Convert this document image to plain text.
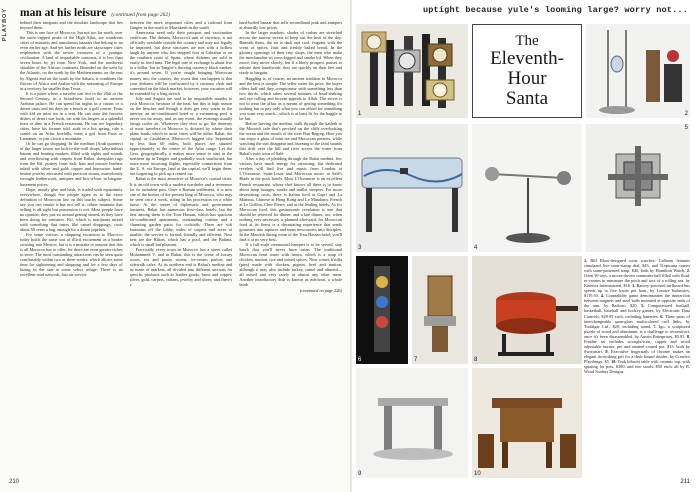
PLAYBOY	man at his leisure (continued from page 262)

behind their ramparts and the desolate landscape that lies beyond them.

This is one face of Morocco; but not too far north, over the snow-capped peaks of the High Atlas, are wondrous cities of minarets and tumultuous bazaars that belong to an even earlier age. And yet farther north are skyscraper cities resplendent with the newer treasures of a younger civilization. A land of improbable contrasts, it is less than seven hours by jet from New York, and the northwest shoulder of the African continent. Bounded on the west by the Atlantic, on the north by the Mediterranean, on the east by Algeria and on the south by the Sahara, it combines the flavors of Africa and Arabia with the seasoning of Europe in a territory far smaller than Texas.

It is a place where a traveler can live in the 20th or the Second Century, in a brand-new hotel or an ancient Arabian palace. He can spend his nights in a casino or a desert oasis and his days on a beach or a golf course. Feast with kid on mint tea in a tent. He can taste the favorite dishes of desert war lords, eat with his fingers at a splendid feast or dine in a French restaurant. He can see legendary cities, have his fortune told, soak in a hot spring, ride a camel on an Atlas foothills, meet a girl from Paris or Lausanne, or just clown a mountain.

Or he can go shopping. In the medinas (Arab quarters) of the larger towns are bolt-to-the-wall shops, labyrinthian bazaar and leaning markets filled with sights and sounds and overflowing with carpets from Rabat, sheepskin rugs from the Rif, pottery from Safi, hats and mosaic leathers inlaid with silver and gold; copper and brassware, hand-beaten jewelry encrusted with precious stones, marvelously wrought leatherwork, antiques and bric-a-brac in bargain-basement prices.

Dope, mostly glue and hash, is traded with equanimity everywhere, though few people agree as to the exact definition of Moroccan law on this touchy subject. Some say you can smoke it but not sell it; others maintain that selling is all right but possession is not. Most people have no opinion; they just sit around getting stoned, as they have been doing for centuries. Kif, which is marijuana mixed with something that tastes like camel droppings, costs about 50 cents a bag, enough for a dozen pipefuls.

For some visitors, a shopping excursion to Morocco today holds the same sort of illicit excitement as a border crossing into Mexico; but it is a mistake to assume that this is all Morocco has to offer, for there are even greater riches to store. The most outstanding attractions can be seen quite comfortably within two or three weeks, which allows some time for sightseeing and shopping and for a few days of lazing in the sun at some select refuge. There is an excellent road network, fast air service

between the more important cities and a railroad from Tangier in the north to Marrakesh in the south.

Americans need only their passport and vaccination certificate. The dirham, Morocco's unit of currency, is not officially available outside the country and may not legally be imported, but these strictures are met with a hollow laugh by anyone who has stepped foot at Gibraltar or on the southern coast of Spain, where dirhams are sold as easily as fried tuna. The legal rate of exchange is about five to a dollar, but in Tangier's thriving currency black market, it's around seven. If you're caught bringing Moroccan money into the country, the worst that can happen is that your dirhams will be confiscated by a customs clerk and converted on the black market; however, your vacation will be extended by a long stretch.

July and August are said to be impossible months to visit Morocco, because of the heat, but this is high season on the beaches and though it does get very warm in the interior, an air-conditioned hotel or a swimming pool is never too far away; and, in any event, the evenings usually brings cooler air. Whenever they elect to go, the itinerary of most travelers in Morocco is dictated by where their plane lands, which in most cases will be either Rabat, the capital, or Casablanca, Morocco's biggest city. Separated by less than 60 miles, both places are situated approximately at the center of the Atlas range. Let the Casa, geographically, it makes more sense to start in the northern tip in Tangier and gradually work southward; but since more incoming flights, especially connections from the U. S. via Europe, land at the capital, we'll begin there, not forgetting to pick up a rented car.

Rabat is the most attractive of Morocco's coastal cities. It is an old town with a modern wardrobe and a reverence for its turbulent past. Once a Roman settlement, it is now one of the homes of the present king of Morocco, who may be seen once a week, riding in his procession on a white horse. At the center of diplomatic and government business, Rabat has numerous first-class hotels; but the best among them is the Tour Hassan, which has spacious air-conditioned apartments, outstanding cuisine and a charming garden patio for cocktails. There are soft fountains off the lobby, miles of carpets and acres of marble; the service is formal, friendly and efficient. Next best are the Hilton, which has a pool, and the Balima, which is small but pleasant.

Practically every town in Morocco has a street called Mohammed V, and in Rabat, this is the scene of luxury stores, tea and pastry rooms, ice-cream parlors and sidewalk cafes. At its northern end is Rabat's medina and its maze of markets, all divided into different sections for specific products such as leather goods, brass and copper, silver, gold, carpets, caftans, jewelry and shoes; and there's a

hard-boiled bazaar that sells secondhand junk and antiques at absurdly low prices.

In the larger markets, shades of rushes are stretched across the narrow streets to keep out the heat of the day. Beneath them, the air is dark and cool, fragrant with the scent of spices, fruit and freshly baked bread. In the gloomy openings of their tiny shops, the men who make the merchandise sit cross-legged and smoke kif. When they move, they move slowly; but if a likely prospect pauses to admire their handiwork, they are quickly on their feet and ready to bargain.

Haggling is, of course, an ancient tradition in Morocco and the best is simple: The seller states his price, the buyer offers half and they compromise with something less than two thirds, which takes several minutes of head-shaking and eye rolling and fervent appeals to Allah. The secret is not to treat the affair as a means of getting something for nothing but to pay only what you can afford for something you want very much—which is at least fit for the haggle to be fun.

Before leaving the medina, walk through the kasbah to the Moorish cafe that's perched on the cliffs overlooking the ocean and the mouth of the river Bou Regreg. Here you can enjoy a glass of mint tea and Moroccan pastries, while watching the sun disappear and listening to the faint sounds that drift over the hill and river across the water from Rabat's twin town of Salé.

After a day of plodding through the Rabat medina, few visitors have much energy for carousing; but dedicated revelers will find live and music from London at L'Oceanoxe, Saint-Louis and Moroccan music at Salé's Riads in the posh hotels. Most L'Oceanoxe is an excellent French restaurant, whose chef knows all there is to know about lamp bourges, steaks and mullet steepers. For more devastating costs, there is Italian food at Capri and La Mamma, Chinese at Hong Kong and Le Mandarin, French at Le Grillon, Chez Pierre, and at the leading hotels. As for Moroccan food, this gastronomic revelation is one that should be reserved for dinner, and a late dinner, too, when nothing very necessary is planned afterward, for Moroccan food at its finest is a devastating experience that sends gourmets into raptures and turns newcomers into disciples. In the Moorish dining room of the Tour Hassan hotel, you'll find it at its very best.

If a full-scale ceremonial banquet is to be served, stay lunch that you'll never have eaten. The traditional Moroccan feast starts with harira, which is a soup of chicken, mutton, rice and mixed spices. Next comes b'stilla (pies) made with chicken, pigeon, beef and mutton, although it may also include turkey, camel and almond—all mixed and very rarely in almost any other meat. Another introductory dish is known as méchoui, a whole lamb

(continued on page 226)
210
uptight because yule's looming large? worry not...
1
The
Eleventh-
Hour
Santa
2
3	4
5
6	7	8
9	10

1. Bill Blass-designed wrist watches: Calhoun features simulated five-carat-stamp dial, $45, and Tropicana comes with same-patterned strap, $40, both by Hamilton Watch. 2. Oxen W-rays, a motor-driven commuter ball filled with fluid, re-creates in miniature the pitch and toss of a rolling sea, by Kinetics International, $16. 3. Battery-powered surfboard bus speeds up to five knots per hour, by Leisure Industries, $119.50. 4. Countability game demonstrates the interaction between magnets and steel balls mounted at opposite ends of the arm, by Ratboro, $20. 5. Computerized football, basketball, baseball and hockey games, by Electronic Data Controls, $29.95 each, including batteries. 6. Three pairs of interchangeable spun-glass multicolored cuff links, by Trafalgar Ltd., $20, including stand. 7. Igo, a sculptured puzzle of wood and aluminum, is a challenge to reconstruct, once it's been disassembled, by Austin Enterprises, $5.95. 8. Fondue set includes wrought-iron, copper and wood adjustable burner, pot and enamel-coated pot, $15, both by Swissmart. 9. Executive fingernails of chrome makes an elegant do-nothing gift for a desk-bound dooder, by Creative Playthings, $5. 10. Teak hibachi table with ceramic top, with spotting for pots, $300, and two stools, $50 each, all by B. Wood Sorders Designs.

211
